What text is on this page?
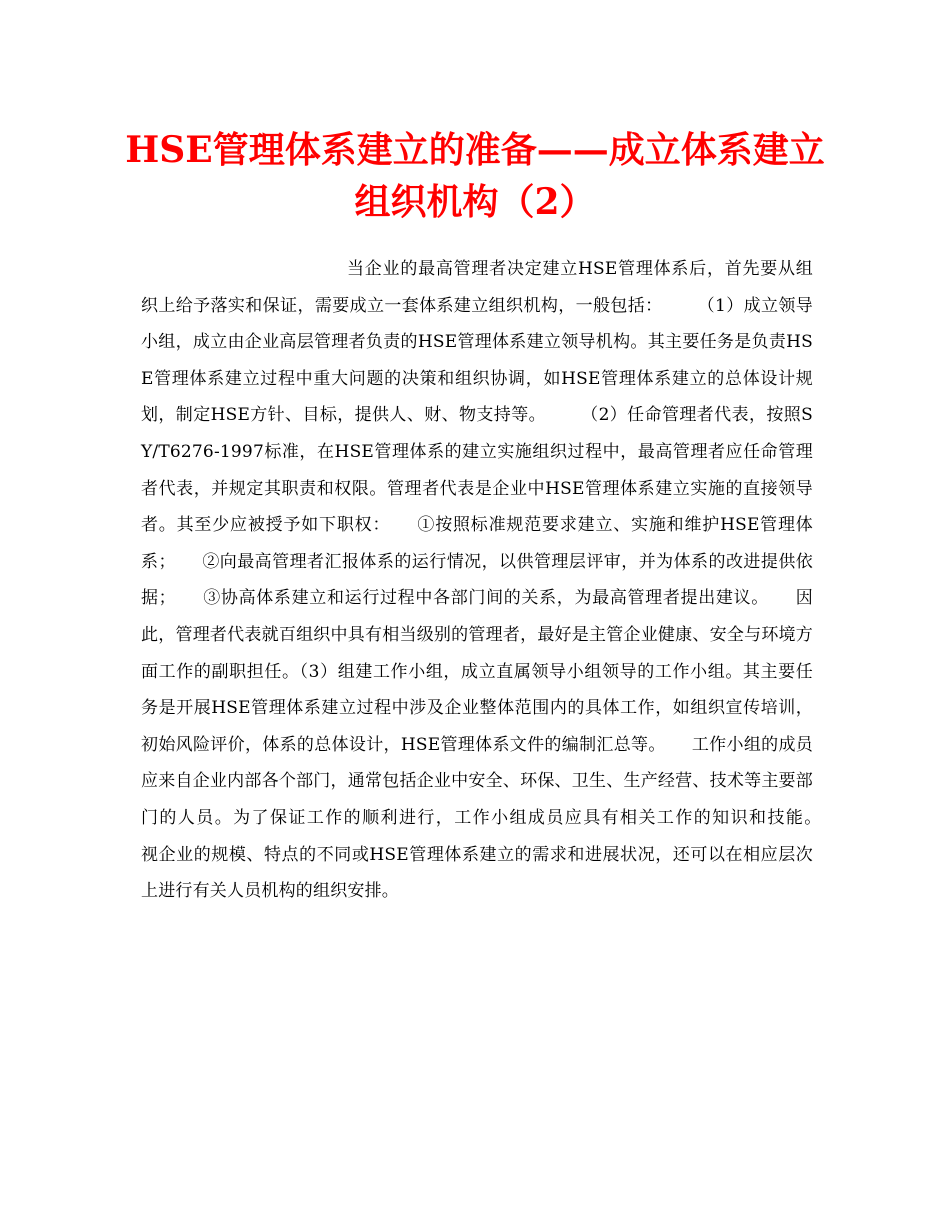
HSE管理体系建立的准备——成立体系建立
组织机构（2）

当企业的最高管理者决定建立HSE管理体系后，首先要从组织上给予落实和保证，需要成立一套体系建立组织机构，一般包括：　　　（1）成立领导小组，成立由企业高层管理者负责的HSE管理体系建立领导机构。其主要任务是负责HSE管理体系建立过程中重大问题的决策和组织协调，如HSE管理体系建立的总体设计规划，制定HSE方针、目标，提供人、财、物支持等。　　　（2）任命管理者代表，按照SY/T6276-1997标准，在HSE管理体系的建立实施组织过程中，最高管理者应任命管理者代表，并规定其职责和权限。管理者代表是企业中HSE管理体系建立实施的直接领导者。其至少应被授予如下职权：　　①按照标准规范要求建立、实施和维护HSE管理体系；　　②向最高管理者汇报体系的运行情况，以供管理层评审，并为体系的改进提供依据；　　③协高体系建立和运行过程中各部门间的关系，为最高管理者提出建议。　　因此，管理者代表就百组织中具有相当级别的管理者，最好是主管企业健康、安全与环境方面工作的副职担任。（3）组建工作小组，成立直属领导小组领导的工作小组。其主要任务是开展HSE管理体系建立过程中涉及企业整体范围内的具体工作，如组织宣传培训，初始风险评价，体系的总体设计，HSE管理体系文件的编制汇总等。　　工作小组的成员应来自企业内部各个部门，通常包括企业中安全、环保、卫生、生产经营、技术等主要部门的人员。为了保证工作的顺利进行，工作小组成员应具有相关工作的知识和技能。　　视企业的规模、特点的不同或HSE管理体系建立的需求和进展状况，还可以在相应层次上进行有关人员机构的组织安排。
